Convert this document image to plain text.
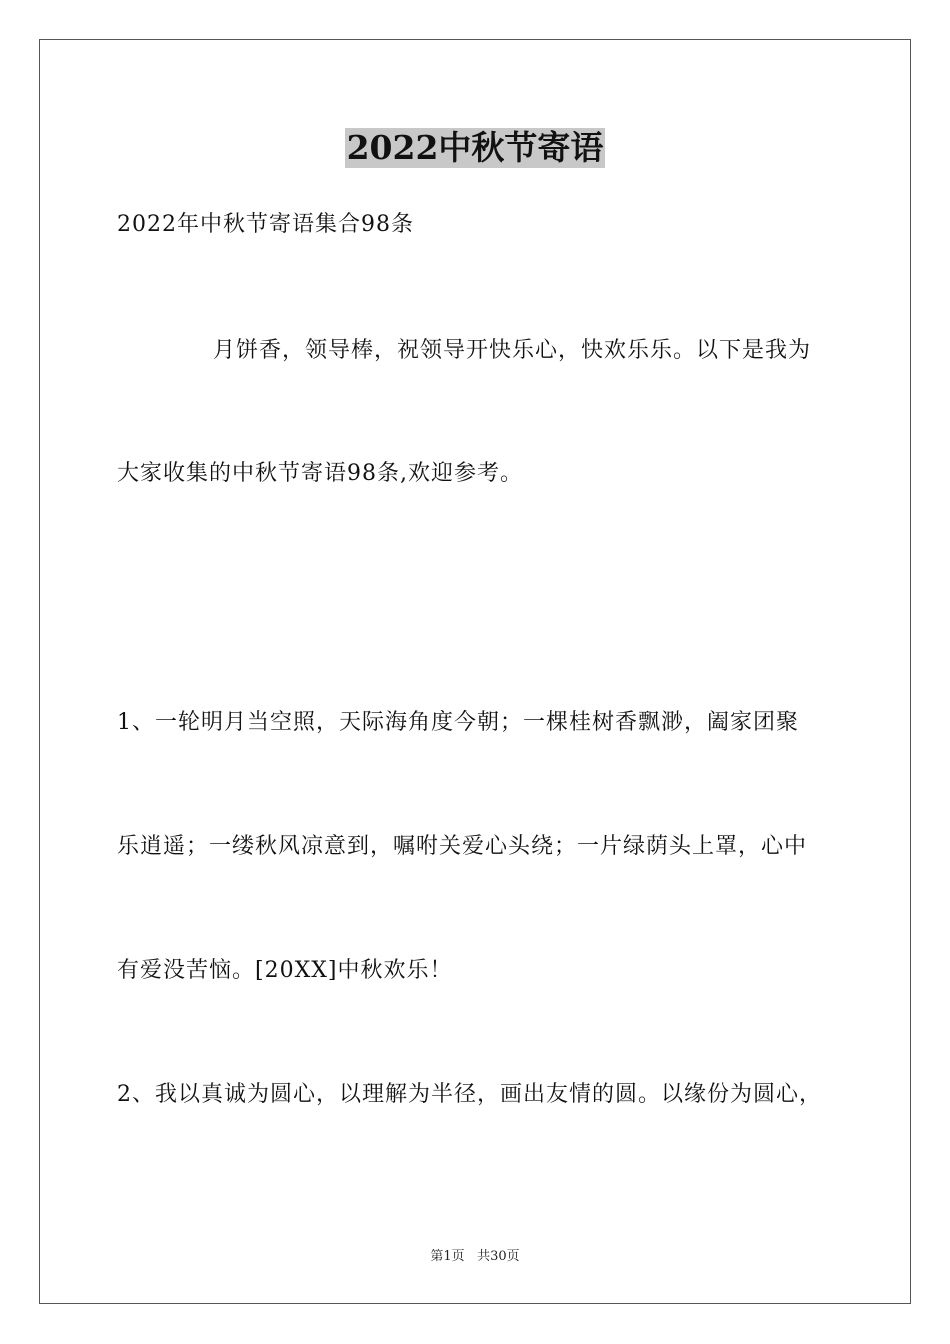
2022中秋节寄语
2022年中秋节寄语集合98条
月饼香，领导棒，祝领导开快乐心，快欢乐乐。以下是我为
大家收集的中秋节寄语98条,欢迎参考。
1、一轮明月当空照，天际海角度今朝；一棵桂树香飘渺，阖家团聚
乐逍遥；一缕秋风凉意到，嘱咐关爱心头绕；一片绿荫头上罩，心中
有爱没苦恼。[20XX]中秋欢乐！
2、我以真诚为圆心，以理解为半径，画出友情的圆。以缘份为圆心，
第1页 共30页
